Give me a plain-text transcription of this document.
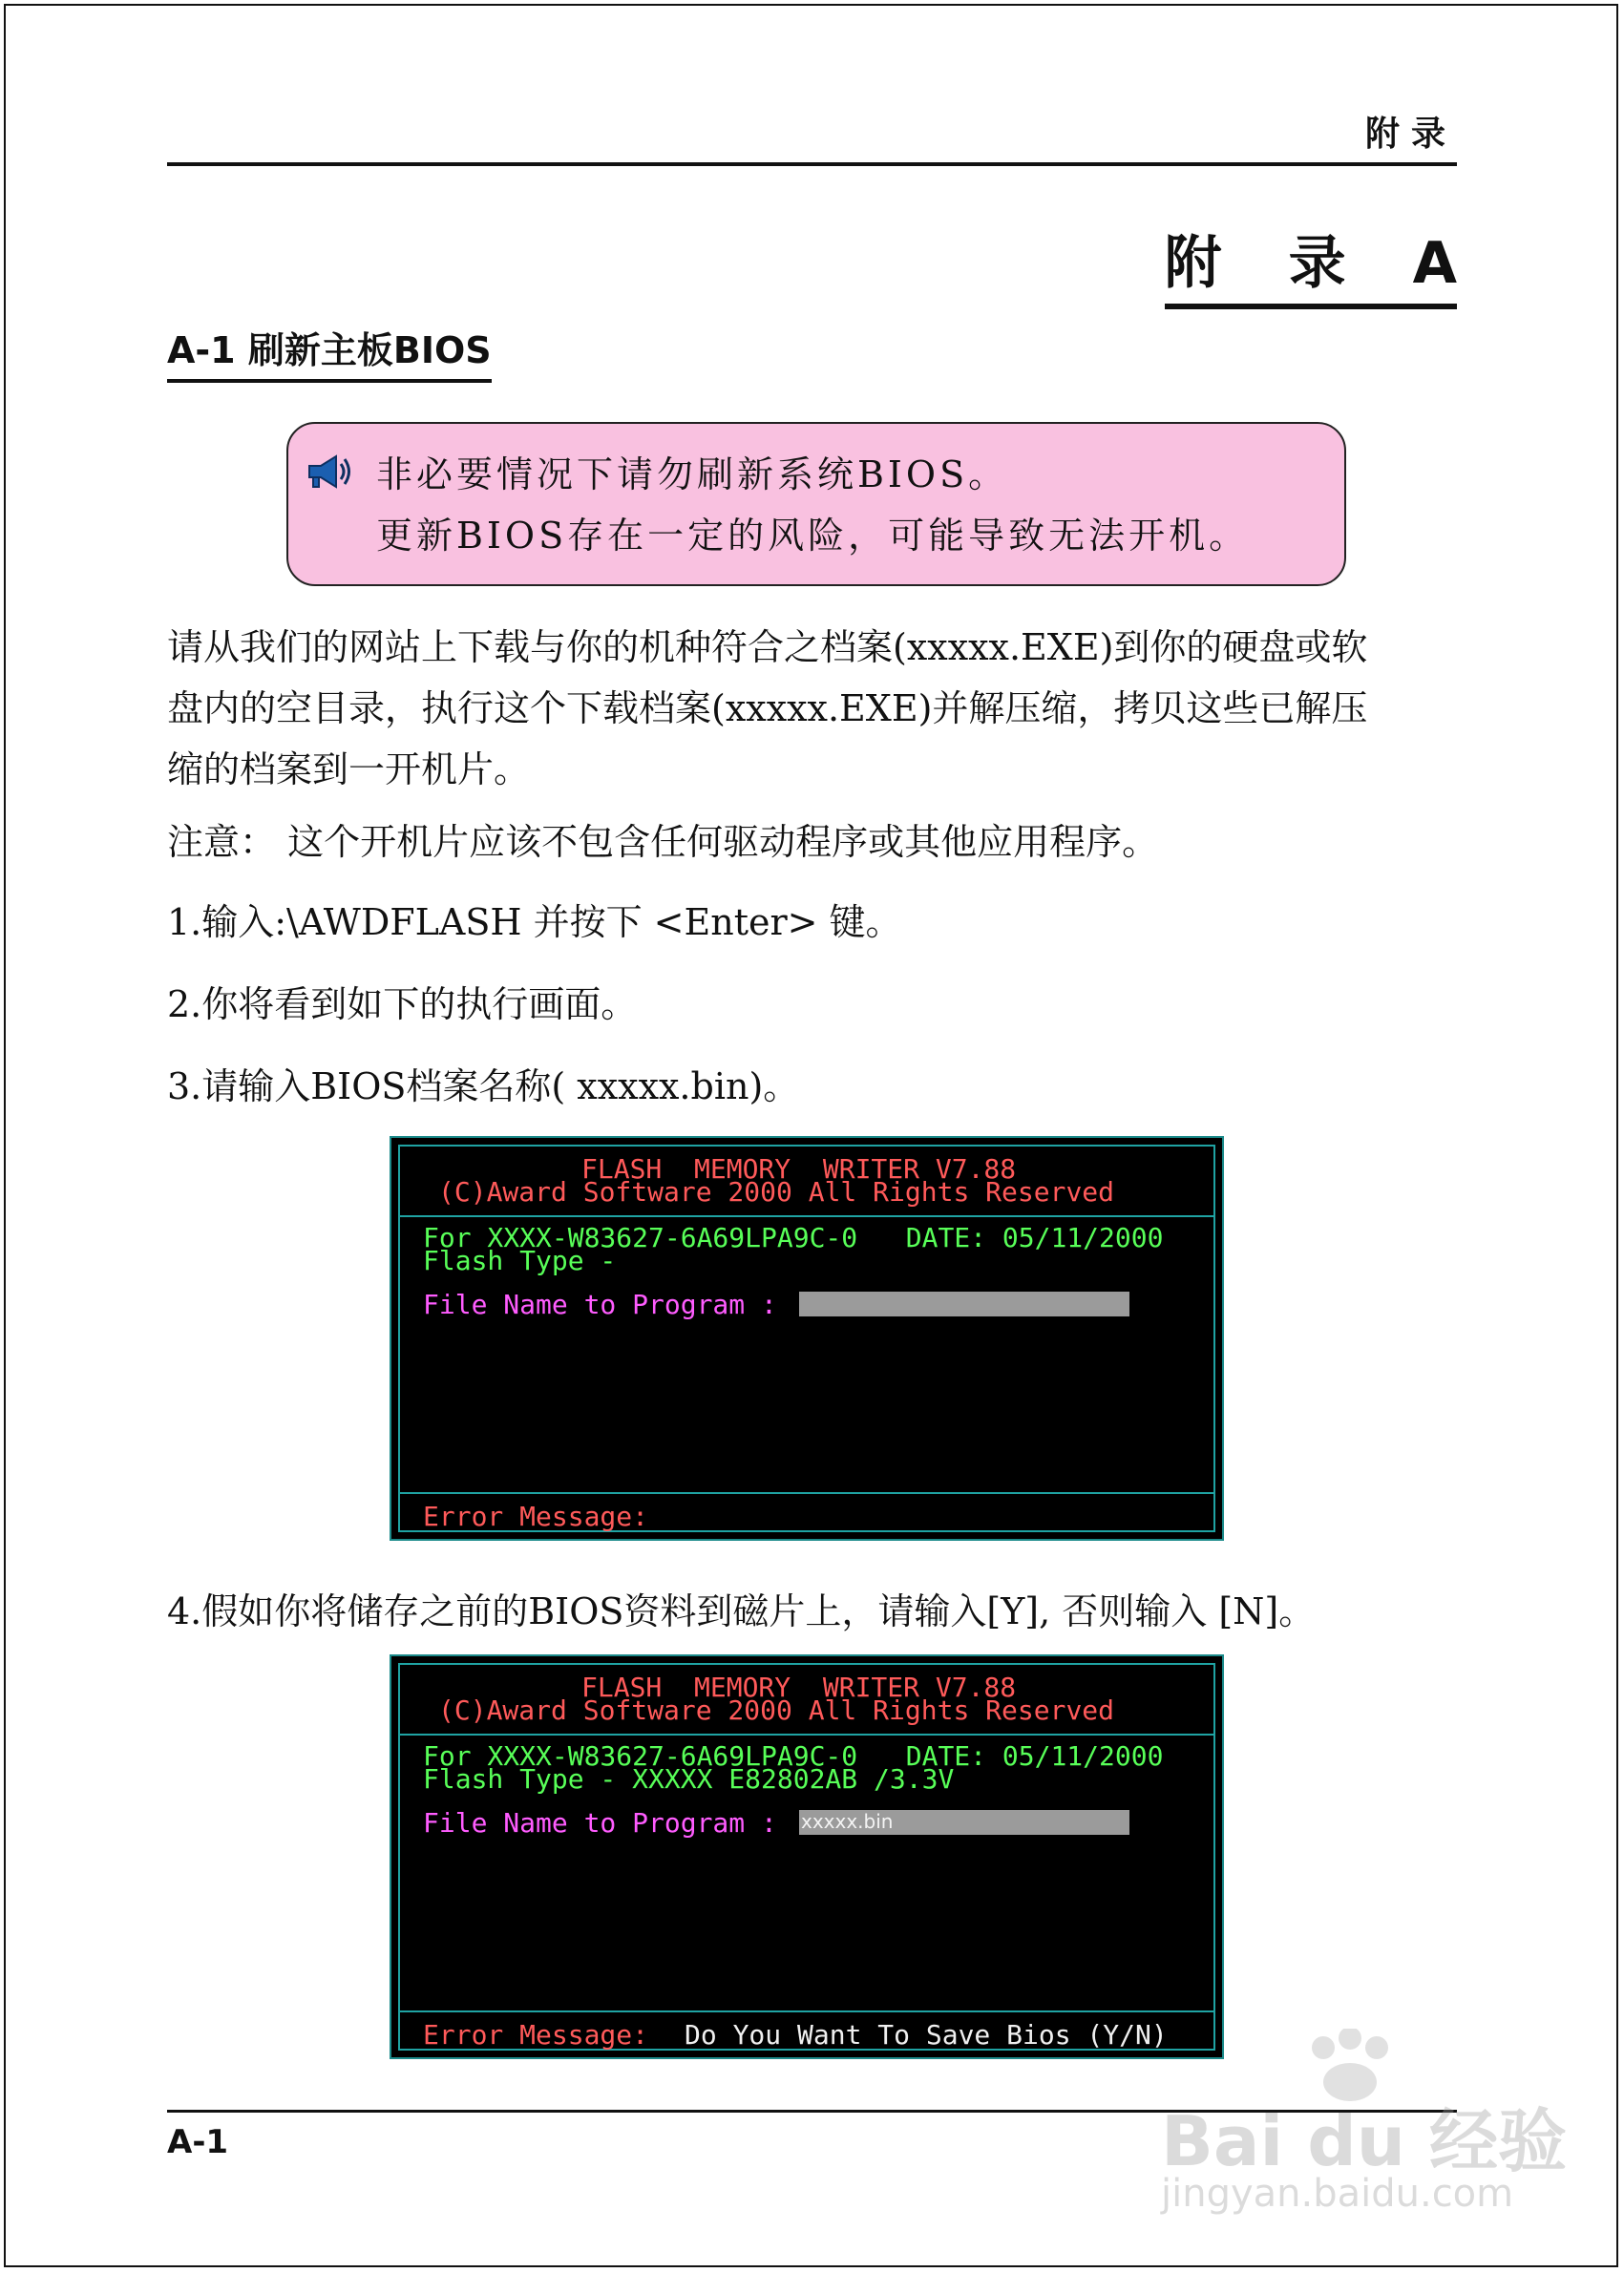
附录
附 录 A
A-1 刷新主板BIOS
非必要情况下请勿刷新系统BIOS。
更新BIOS存在一定的风险，可能导致无法开机。
请从我们的网站上下载与你的机种符合之档案(xxxxx.EXE)到你的硬盘或软
盘内的空目录，执行这个下载档案(xxxxx.EXE)并解压缩，拷贝这些已解压
缩的档案到一开机片。
注意： 这个开机片应该不包含任何驱动程序或其他应用程序。
1.输入:\AWDFLASH 并按下 <Enter> 键。
2.你将看到如下的执行画面。
3.请输入BIOS档案名称( xxxxx.bin)。
FLASH  MEMORY  WRITER V7.88
(C)Award Software 2000 All Rights Reserved
For XXXX-W83627-6A69LPA9C-0   DATE: 05/11/2000
Flash Type -
File Name to Program :
Error Message:
4.假如你将储存之前的BIOS资料到磁片上，请输入[Y], 否则输入 [N]。
FLASH  MEMORY  WRITER V7.88
(C)Award Software 2000 All Rights Reserved
For XXXX-W83627-6A69LPA9C-0   DATE: 05/11/2000
Flash Type - XXXXX E82802AB /3.3V
File Name to Program : xxxxx.bin
Error Message: Do You Want To Save Bios (Y/N)
A-1	Bai du 经验
jingyan.baidu.com
